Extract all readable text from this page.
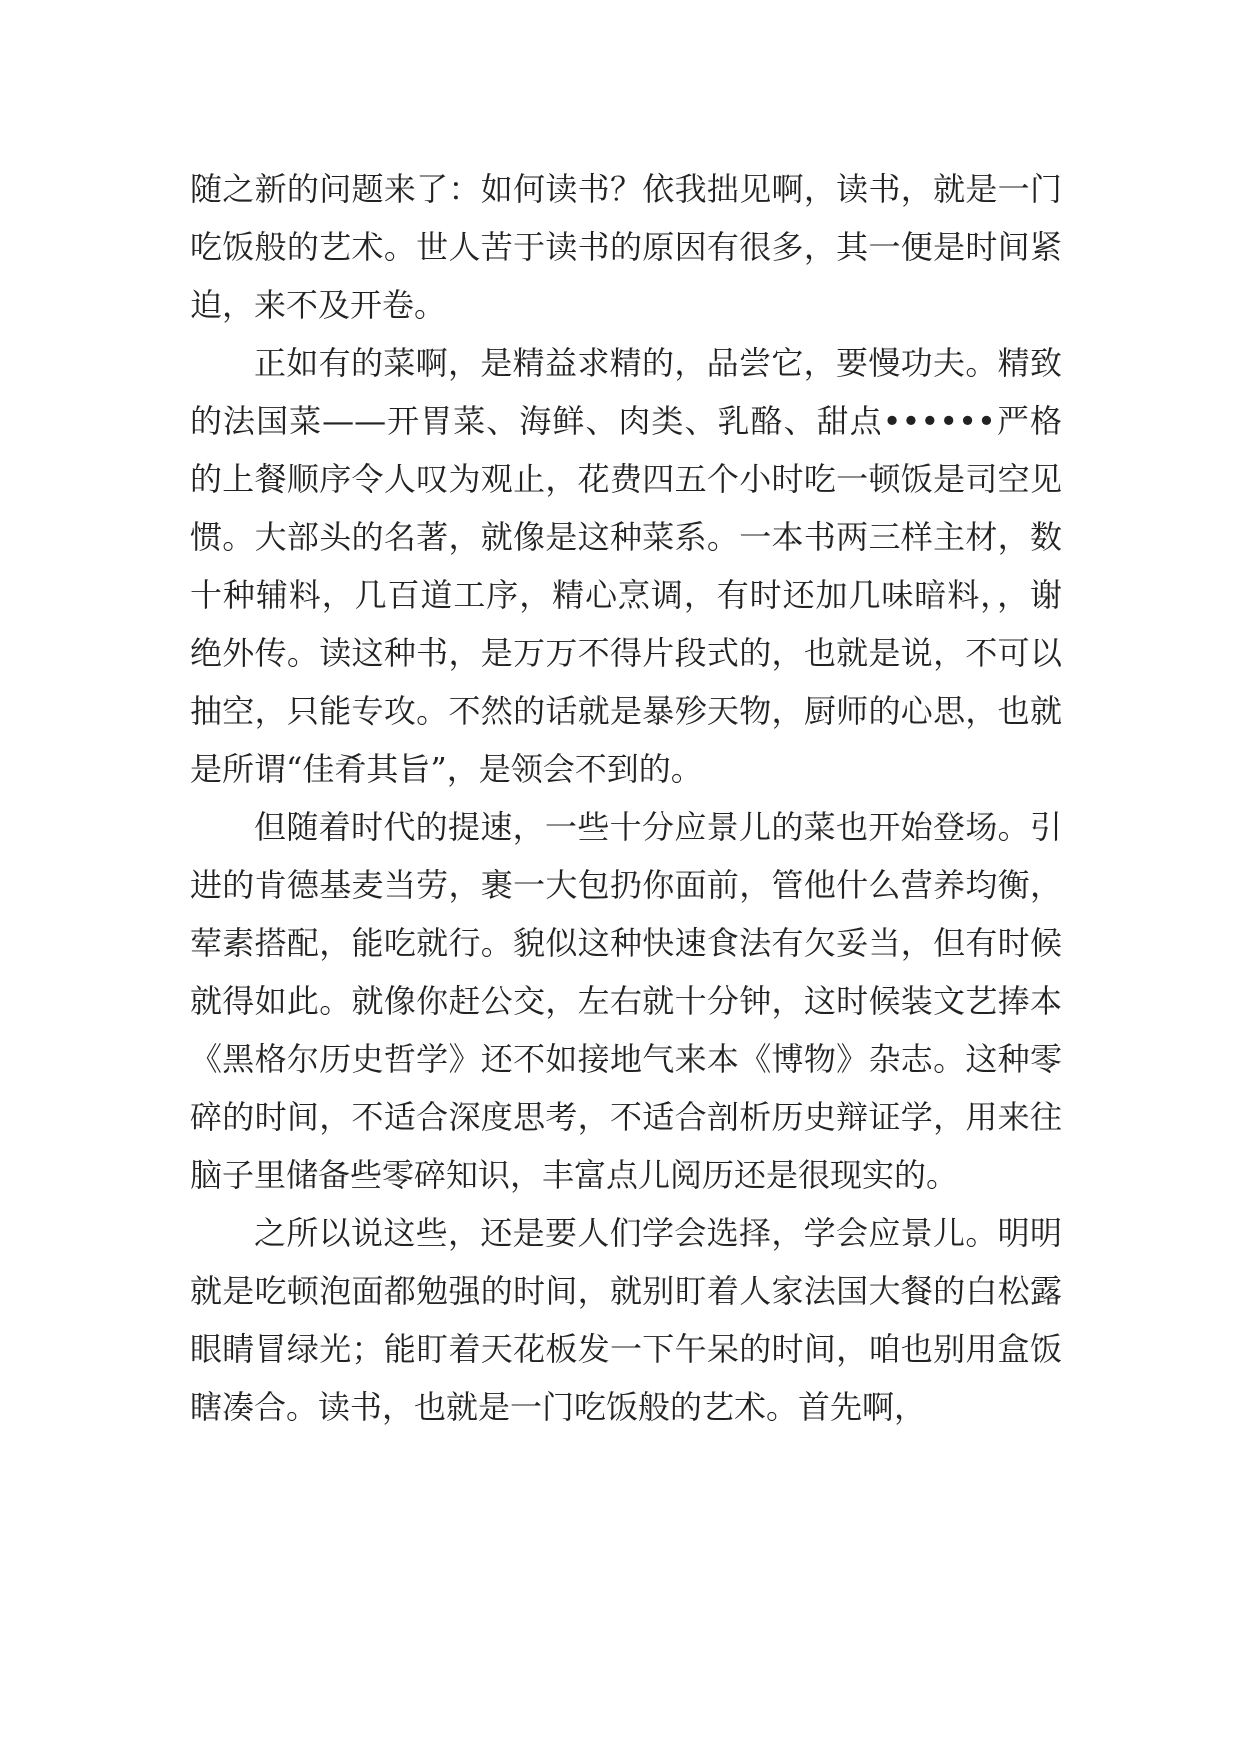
随之新的问题来了：如何读书？依我拙见啊，读书，就是一门吃饭般的艺术。世人苦于读书的原因有很多，其一便是时间紧迫，来不及开卷。

正如有的菜啊，是精益求精的，品尝它，要慢功夫。精致的法国菜——开胃菜、海鲜、肉类、乳酪、甜点••••••严格的上餐顺序令人叹为观止，花费四五个小时吃一顿饭是司空见惯。大部头的名著，就像是这种菜系。一本书两三样主材，数十种辅料，几百道工序，精心烹调，有时还加几味暗料，，谢绝外传。读这种书，是万万不得片段式的，也就是说，不可以抽空，只能专攻。不然的话就是暴殄天物，厨师的心思，也就是所谓“佳肴其旨”，是领会不到的。

但随着时代的提速，一些十分应景儿的菜也开始登场。引进的肯德基麦当劳，裹一大包扔你面前，管他什么营养均衡，荤素搭配，能吃就行。貌似这种快速食法有欠妥当，但有时候就得如此。就像你赶公交，左右就十分钟，这时候装文艺捧本《黑格尔历史哲学》还不如接地气来本《博物》杂志。这种零碎的时间，不适合深度思考，不适合剖析历史辩证学，用来往脑子里储备些零碎知识，丰富点儿阅历还是很现实的。

之所以说这些，还是要人们学会选择，学会应景儿。明明就是吃顿泡面都勉强的时间，就别盯着人家法国大餐的白松露眼睛冒绿光；能盯着天花板发一下午呆的时间，咱也别用盒饭瞎凑合。读书，也就是一门吃饭般的艺术。首先啊，
